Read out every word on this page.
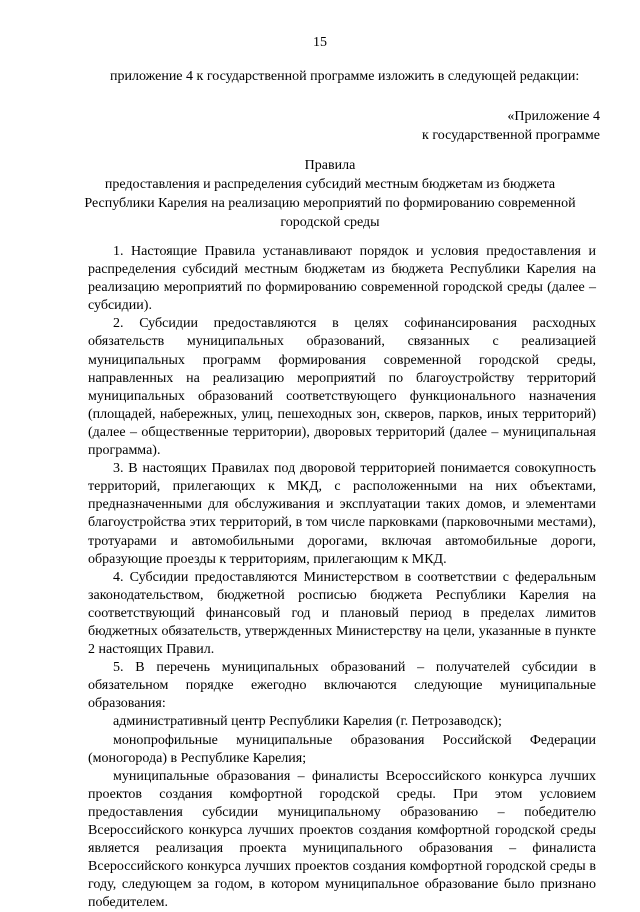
15
приложение 4 к государственной программе изложить в следующей редакции:
«Приложение 4
к государственной программе
Правила
предоставления и распределения субсидий местным бюджетам из бюджета
Республики Карелия на реализацию мероприятий по формированию современной
городской среды

1. Настоящие Правила устанавливают порядок и условия предоставления и распределения субсидий местным бюджетам из бюджета Республики Карелия на реализацию мероприятий по формированию современной городской среды (далее – субсидии).

2. Субсидии предоставляются в целях софинансирования расходных обязательств муниципальных образований, связанных с реализацией муниципальных программ формирования современной городской среды, направленных на реализацию мероприятий по благоустройству территорий муниципальных образований соответствующего функционального назначения (площадей, набережных, улиц, пешеходных зон, скверов, парков, иных территорий) (далее – общественные территории), дворовых территорий (далее – муниципальная программа).

3. В настоящих Правилах под дворовой территорией понимается совокупность территорий, прилегающих к МКД, с расположенными на них объектами, предназначенными для обслуживания и эксплуатации таких домов, и элементами благоустройства этих территорий, в том числе парковками (парковочными местами), тротуарами и автомобильными дорогами, включая автомобильные дороги, образующие проезды к территориям, прилегающим к МКД.

4. Субсидии предоставляются Министерством в соответствии с федеральным законодательством, бюджетной росписью бюджета Республики Карелия на соответствующий финансовый год и плановый период в пределах лимитов бюджетных обязательств, утвержденных Министерству на цели, указанные в пункте 2 настоящих Правил.

5. В перечень муниципальных образований – получателей субсидии в обязательном порядке ежегодно включаются следующие муниципальные образования:

административный центр Республики Карелия (г. Петрозаводск);

монопрофильные муниципальные образования Российской Федерации (моногорода) в Республике Карелия;

муниципальные образования – финалисты Всероссийского конкурса лучших проектов создания комфортной городской среды. При этом условием предоставления субсидии муниципальному образованию – победителю Всероссийского конкурса лучших проектов создания комфортной городской среды является реализация проекта муниципального образования – финалиста Всероссийского конкурса лучших проектов создания комфортной городской среды в году, следующем за годом, в котором муниципальное образование было признано победителем.
